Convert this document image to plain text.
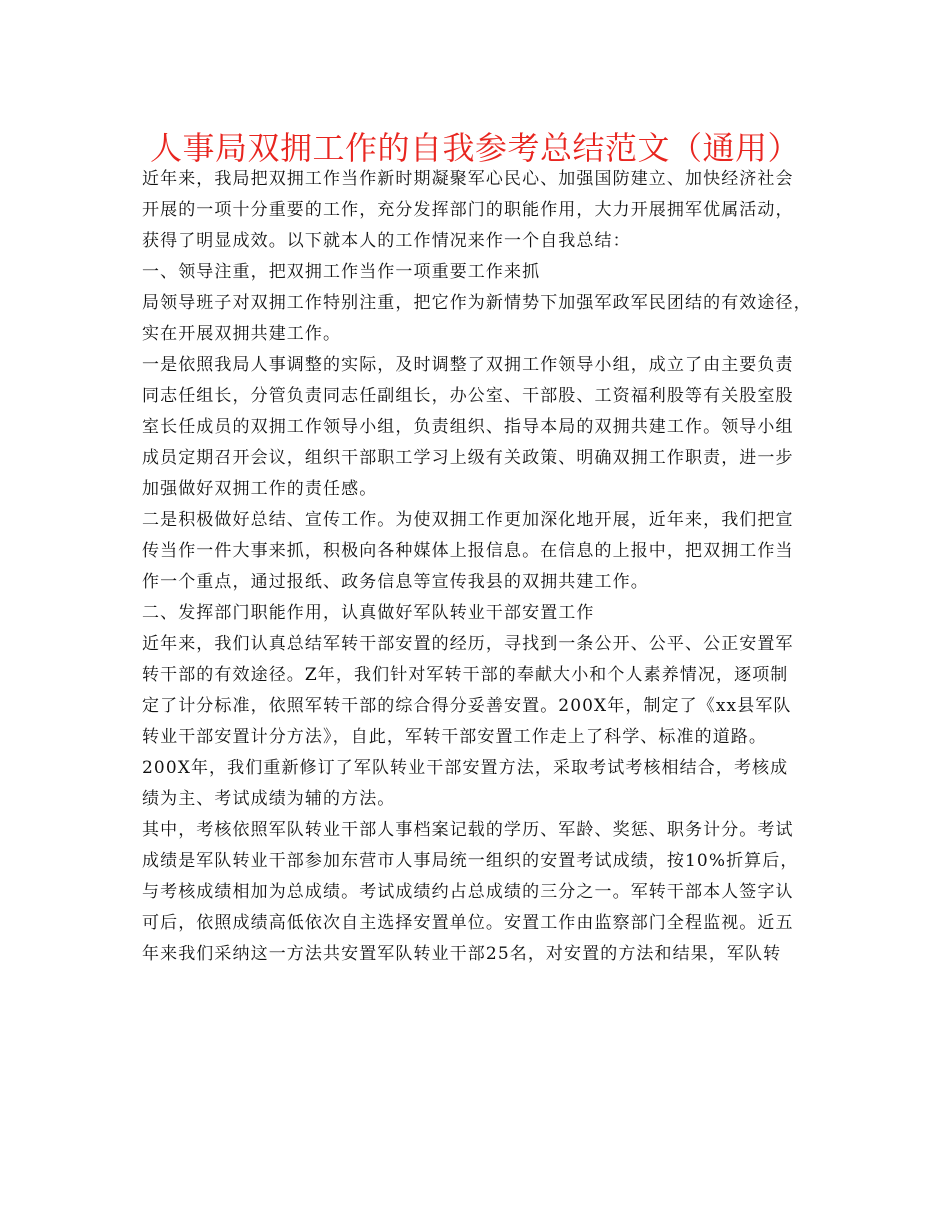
人事局双拥工作的自我参考总结范文（通用）
近年来，我局把双拥工作当作新时期凝聚军心民心、加强国防建立、加快经济社会
开展的一项十分重要的工作，充分发挥部门的职能作用，大力开展拥军优属活动，
获得了明显成效。以下就本人的工作情况来作一个自我总结：
一、领导注重，把双拥工作当作一项重要工作来抓
局领导班子对双拥工作特别注重，把它作为新情势下加强军政军民团结的有效途径，
实在开展双拥共建工作。
一是依照我局人事调整的实际，及时调整了双拥工作领导小组，成立了由主要负责
同志任组长，分管负责同志任副组长，办公室、干部股、工资福利股等有关股室股
室长任成员的双拥工作领导小组，负责组织、指导本局的双拥共建工作。领导小组
成员定期召开会议，组织干部职工学习上级有关政策、明确双拥工作职责，进一步
加强做好双拥工作的责任感。
二是积极做好总结、宣传工作。为使双拥工作更加深化地开展，近年来，我们把宣
传当作一件大事来抓，积极向各种媒体上报信息。在信息的上报中，把双拥工作当
作一个重点，通过报纸、政务信息等宣传我县的双拥共建工作。
二、发挥部门职能作用，认真做好军队转业干部安置工作
近年来，我们认真总结军转干部安置的经历，寻找到一条公开、公平、公正安置军
转干部的有效途径。Z年，我们针对军转干部的奉献大小和个人素养情况，逐项制
定了计分标准，依照军转干部的综合得分妥善安置。200X年，制定了《xx县军队
转业干部安置计分方法》，自此，军转干部安置工作走上了科学、标准的道路。
200X年，我们重新修订了军队转业干部安置方法，采取考试考核相结合，考核成
绩为主、考试成绩为辅的方法。
其中，考核依照军队转业干部人事档案记载的学历、军龄、奖惩、职务计分。考试
成绩是军队转业干部参加东营市人事局统一组织的安置考试成绩，按10%折算后，
与考核成绩相加为总成绩。考试成绩约占总成绩的三分之一。军转干部本人签字认
可后，依照成绩高低依次自主选择安置单位。安置工作由监察部门全程监视。近五
年来我们采纳这一方法共安置军队转业干部25名，对安置的方法和结果，军队转
